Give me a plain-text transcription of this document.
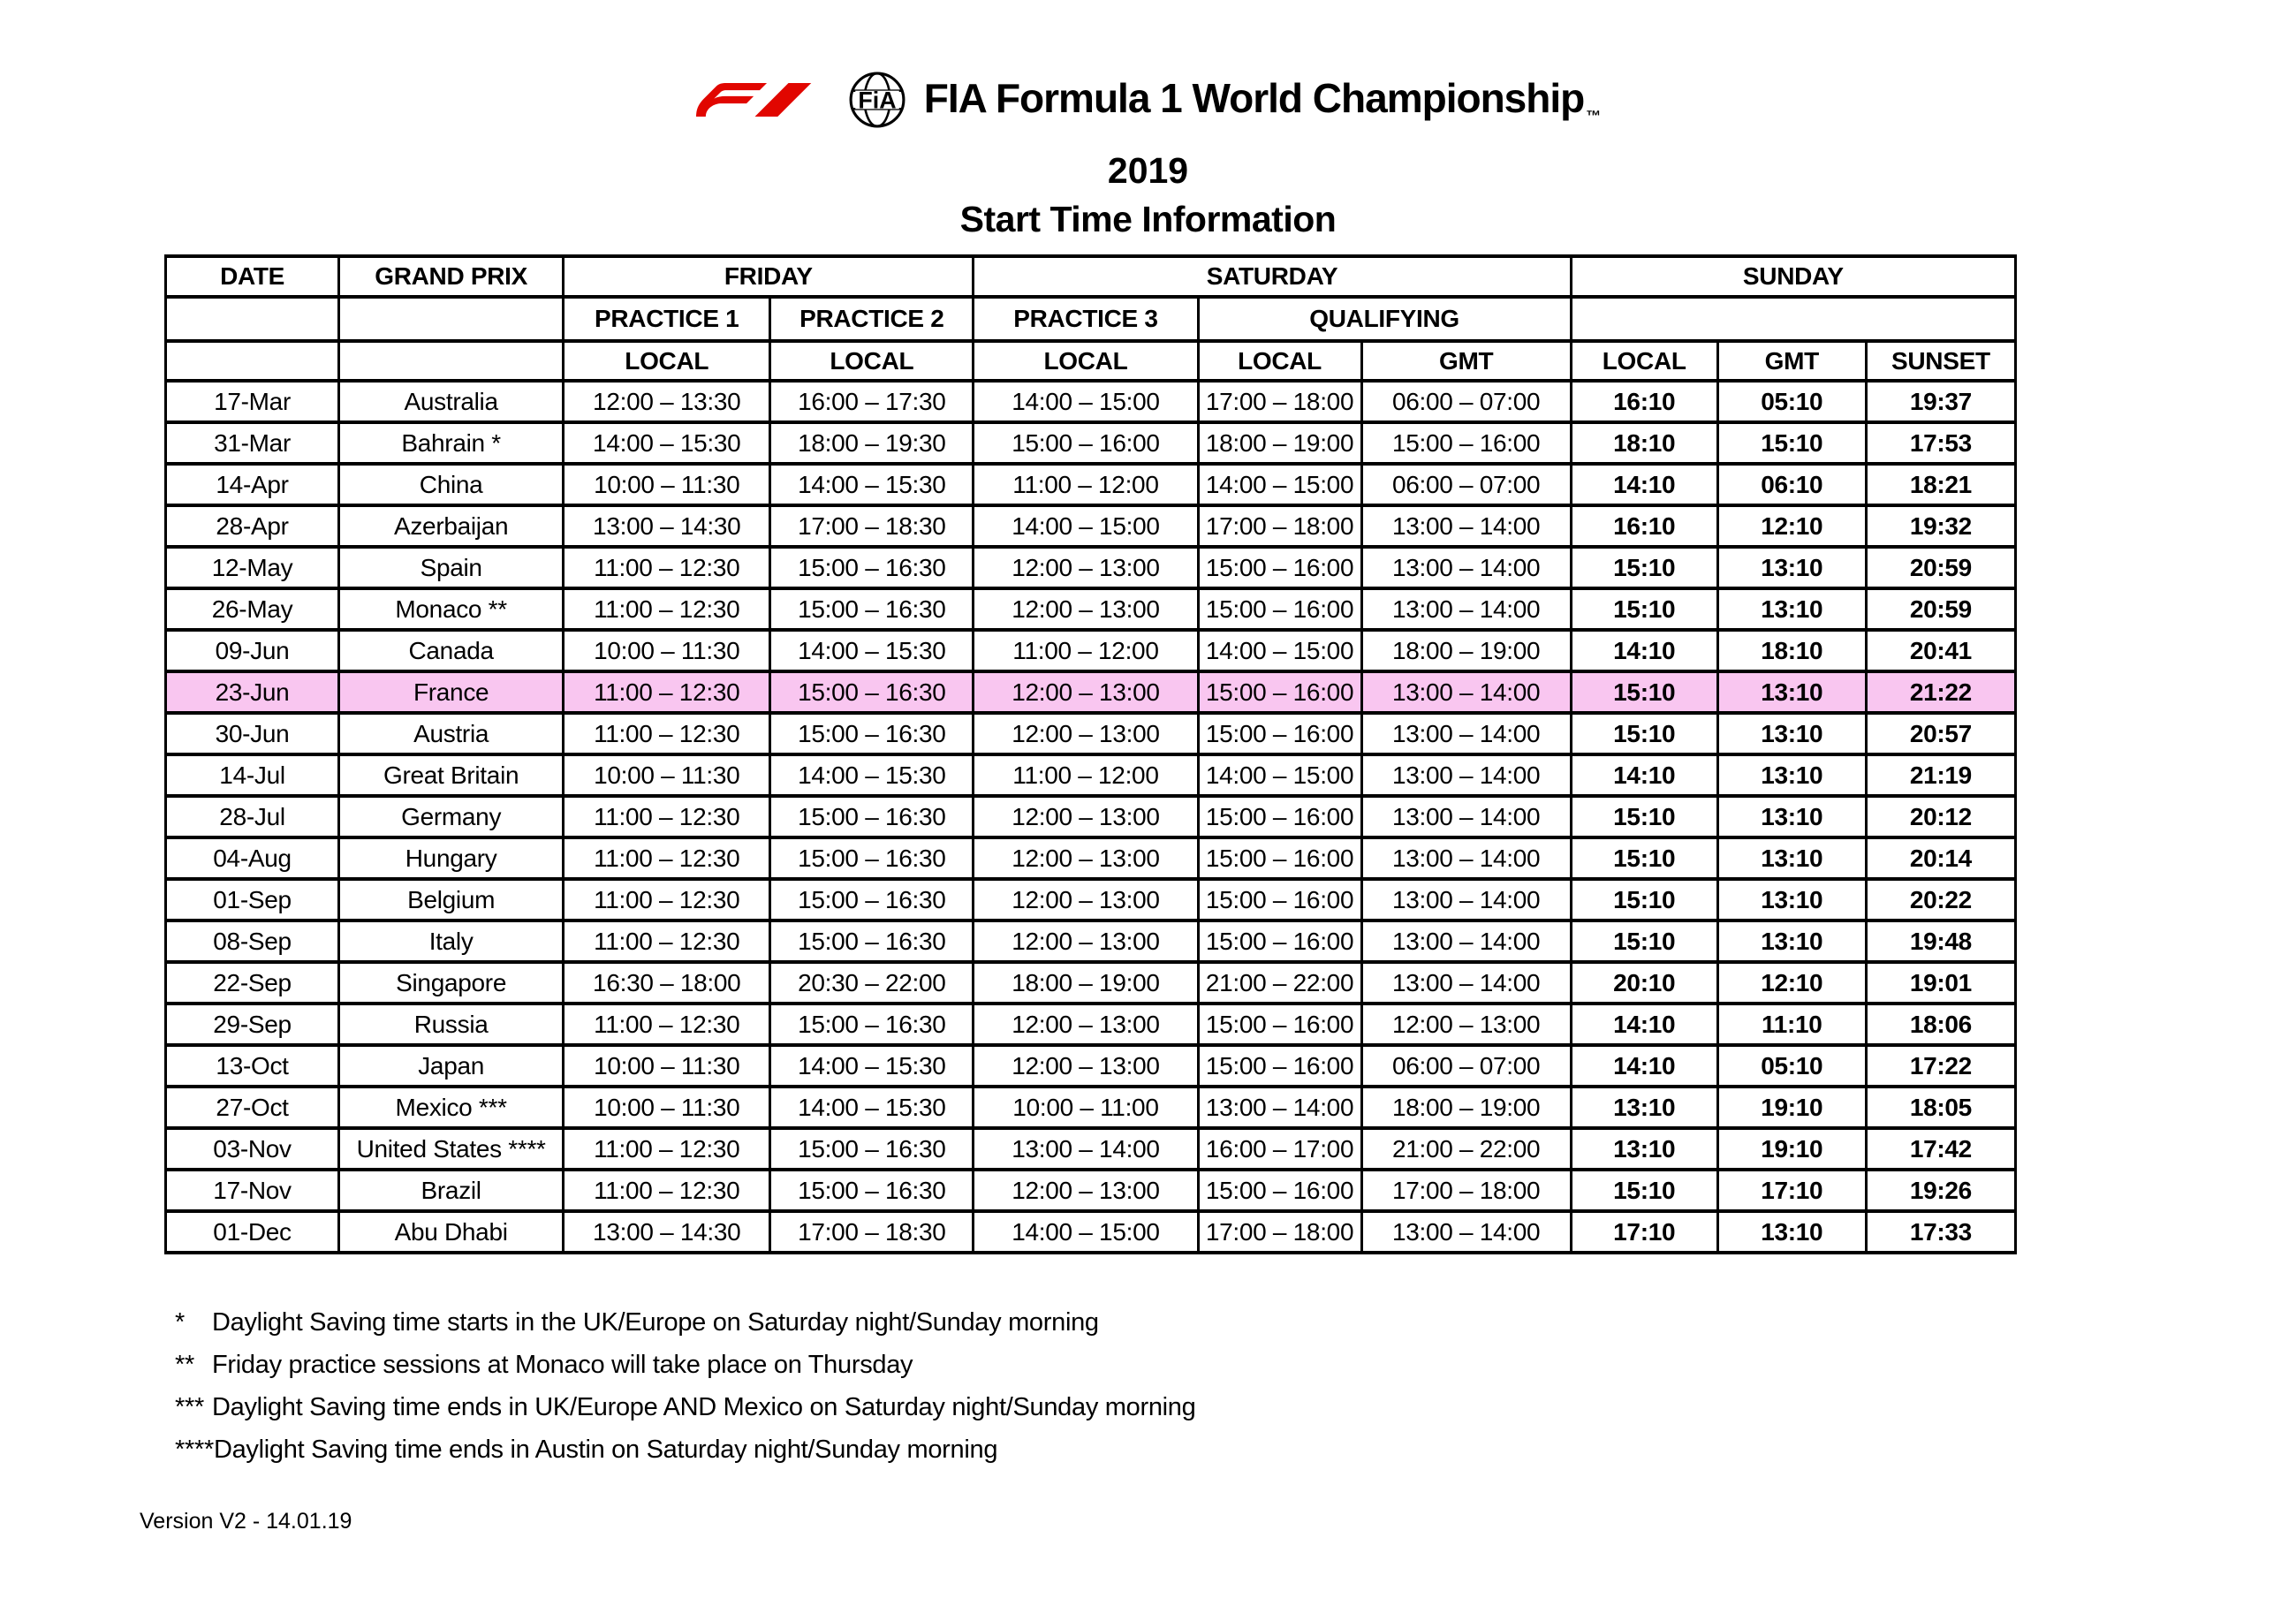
FiA FIA Formula 1 World Championship $_™$
2019
Start Time Information
DATE	GRAND PRIX	FRIDAY		SATURDAY			SUNDAY		
		PRACTICE 1	PRACTICE 2	PRACTICE 3	QUALIFYING				
		LOCAL	LOCAL	LOCAL	LOCAL	GMT	LOCAL	GMT	SUNSET
17-Mar	Australia	12:00 – 13:30	16:00 – 17:30	14:00 – 15:00	17:00 – 18:00	06:00 – 07:00	16:10	05:10	19:37
31-Mar	Bahrain *	14:00 – 15:30	18:00 – 19:30	15:00 – 16:00	18:00 – 19:00	15:00 – 16:00	18:10	15:10	17:53
14-Apr	China	10:00 – 11:30	14:00 – 15:30	11:00 – 12:00	14:00 – 15:00	06:00 – 07:00	14:10	06:10	18:21
28-Apr	Azerbaijan	13:00 – 14:30	17:00 – 18:30	14:00 – 15:00	17:00 – 18:00	13:00 – 14:00	16:10	12:10	19:32
12-May	Spain	11:00 – 12:30	15:00 – 16:30	12:00 – 13:00	15:00 – 16:00	13:00 – 14:00	15:10	13:10	20:59
26-May	Monaco **	11:00 – 12:30	15:00 – 16:30	12:00 – 13:00	15:00 – 16:00	13:00 – 14:00	15:10	13:10	20:59
09-Jun	Canada	10:00 – 11:30	14:00 – 15:30	11:00 – 12:00	14:00 – 15:00	18:00 – 19:00	14:10	18:10	20:41
23-Jun	France	11:00 – 12:30	15:00 – 16:30	12:00 – 13:00	15:00 – 16:00	13:00 – 14:00	15:10	13:10	21:22
30-Jun	Austria	11:00 – 12:30	15:00 – 16:30	12:00 – 13:00	15:00 – 16:00	13:00 – 14:00	15:10	13:10	20:57
14-Jul	Great Britain	10:00 – 11:30	14:00 – 15:30	11:00 – 12:00	14:00 – 15:00	13:00 – 14:00	14:10	13:10	21:19
28-Jul	Germany	11:00 – 12:30	15:00 – 16:30	12:00 – 13:00	15:00 – 16:00	13:00 – 14:00	15:10	13:10	20:12
04-Aug	Hungary	11:00 – 12:30	15:00 – 16:30	12:00 – 13:00	15:00 – 16:00	13:00 – 14:00	15:10	13:10	20:14
01-Sep	Belgium	11:00 – 12:30	15:00 – 16:30	12:00 – 13:00	15:00 – 16:00	13:00 – 14:00	15:10	13:10	20:22
08-Sep	Italy	11:00 – 12:30	15:00 – 16:30	12:00 – 13:00	15:00 – 16:00	13:00 – 14:00	15:10	13:10	19:48
22-Sep	Singapore	16:30 – 18:00	20:30 – 22:00	18:00 – 19:00	21:00 – 22:00	13:00 – 14:00	20:10	12:10	19:01
29-Sep	Russia	11:00 – 12:30	15:00 – 16:30	12:00 – 13:00	15:00 – 16:00	12:00 – 13:00	14:10	11:10	18:06
13-Oct	Japan	10:00 – 11:30	14:00 – 15:30	12:00 – 13:00	15:00 – 16:00	06:00 – 07:00	14:10	05:10	17:22
27-Oct	Mexico ***	10:00 – 11:30	14:00 – 15:30	10:00 – 11:00	13:00 – 14:00	18:00 – 19:00	13:10	19:10	18:05
03-Nov	United States ****	11:00 – 12:30	15:00 – 16:30	13:00 – 14:00	16:00 – 17:00	21:00 – 22:00	13:10	19:10	17:42
17-Nov	Brazil	11:00 – 12:30	15:00 – 16:30	12:00 – 13:00	15:00 – 16:00	17:00 – 18:00	15:10	17:10	19:26
01-Dec	Abu Dhabi	13:00 – 14:30	17:00 – 18:30	14:00 – 15:00	17:00 – 18:00	13:00 – 14:00	17:10	13:10	17:33
*	Daylight Saving time starts in the UK/Europe on Saturday night/Sunday morning
** Friday practice sessions at Monaco will take place on Thursday
*** Daylight Saving time ends in UK/Europe AND Mexico on Saturday night/Sunday morning
**** Daylight Saving time ends in Austin on Saturday night/Sunday morning
Version V2 - 14.01.19
